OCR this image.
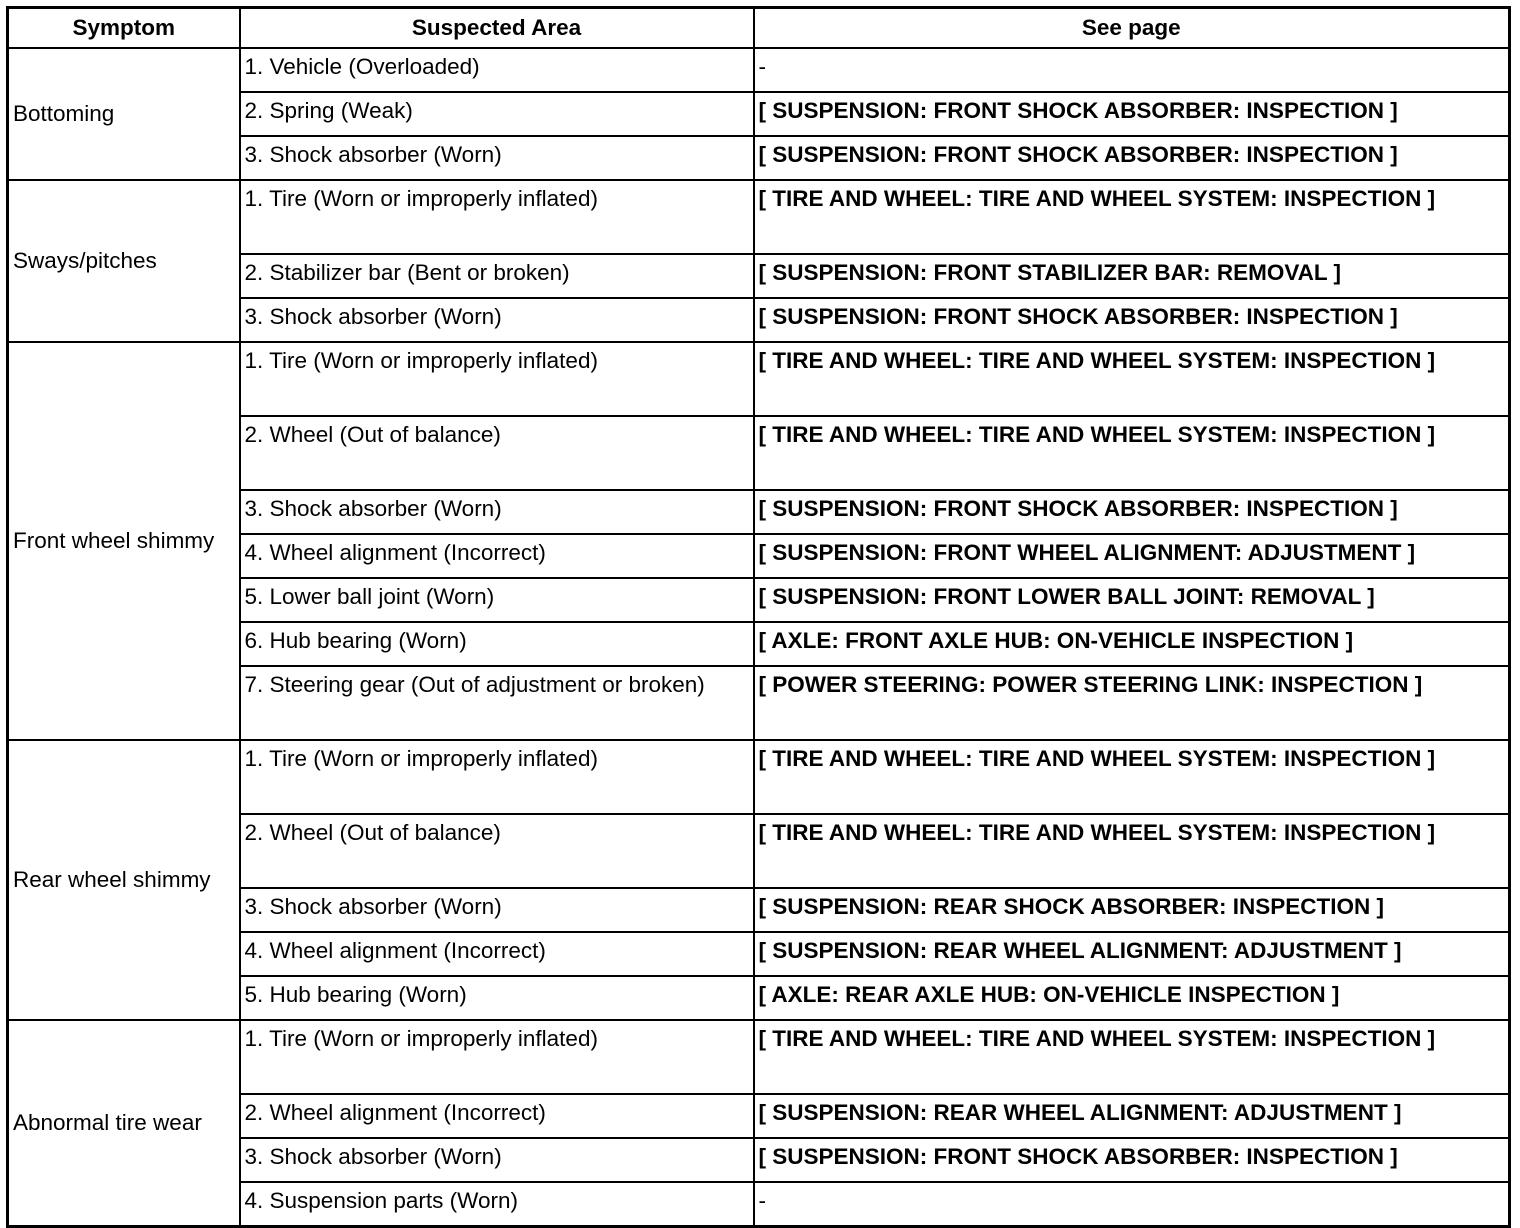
Symptom	Suspected Area	See page
Bottoming	1. Vehicle (Overloaded)	-
	2. Spring (Weak)	[ SUSPENSION: FRONT SHOCK ABSORBER: INSPECTION ]
	3. Shock absorber (Worn)	[ SUSPENSION: FRONT SHOCK ABSORBER: INSPECTION ]
Sways/pitches	1. Tire (Worn or improperly inflated)	[ TIRE AND WHEEL: TIRE AND WHEEL SYSTEM: INSPECTION ]
	2. Stabilizer bar (Bent or broken)	[ SUSPENSION: FRONT STABILIZER BAR: REMOVAL ]
	3. Shock absorber (Worn)	[ SUSPENSION: FRONT SHOCK ABSORBER: INSPECTION ]
Front wheel shimmy	1. Tire (Worn or improperly inflated)	[ TIRE AND WHEEL: TIRE AND WHEEL SYSTEM: INSPECTION ]
	2. Wheel (Out of balance)	[ TIRE AND WHEEL: TIRE AND WHEEL SYSTEM: INSPECTION ]
	3. Shock absorber (Worn)	[ SUSPENSION: FRONT SHOCK ABSORBER: INSPECTION ]
	4. Wheel alignment (Incorrect)	[ SUSPENSION: FRONT WHEEL ALIGNMENT: ADJUSTMENT ]
	5. Lower ball joint (Worn)	[ SUSPENSION: FRONT LOWER BALL JOINT: REMOVAL ]
	6. Hub bearing (Worn)	[ AXLE: FRONT AXLE HUB: ON-VEHICLE INSPECTION ]
	7. Steering gear (Out of adjustment or broken)	[ POWER STEERING: POWER STEERING LINK: INSPECTION ]
Rear wheel shimmy	1. Tire (Worn or improperly inflated)	[ TIRE AND WHEEL: TIRE AND WHEEL SYSTEM: INSPECTION ]
	2. Wheel (Out of balance)	[ TIRE AND WHEEL: TIRE AND WHEEL SYSTEM: INSPECTION ]
	3. Shock absorber (Worn)	[ SUSPENSION: REAR SHOCK ABSORBER: INSPECTION ]
	4. Wheel alignment (Incorrect)	[ SUSPENSION: REAR WHEEL ALIGNMENT: ADJUSTMENT ]
	5. Hub bearing (Worn)	[ AXLE: REAR AXLE HUB: ON-VEHICLE INSPECTION ]
Abnormal tire wear	1. Tire (Worn or improperly inflated)	[ TIRE AND WHEEL: TIRE AND WHEEL SYSTEM: INSPECTION ]
	2. Wheel alignment (Incorrect)	[ SUSPENSION: REAR WHEEL ALIGNMENT: ADJUSTMENT ]
	3. Shock absorber (Worn)	[ SUSPENSION: FRONT SHOCK ABSORBER: INSPECTION ]
	4. Suspension parts (Worn)	-
